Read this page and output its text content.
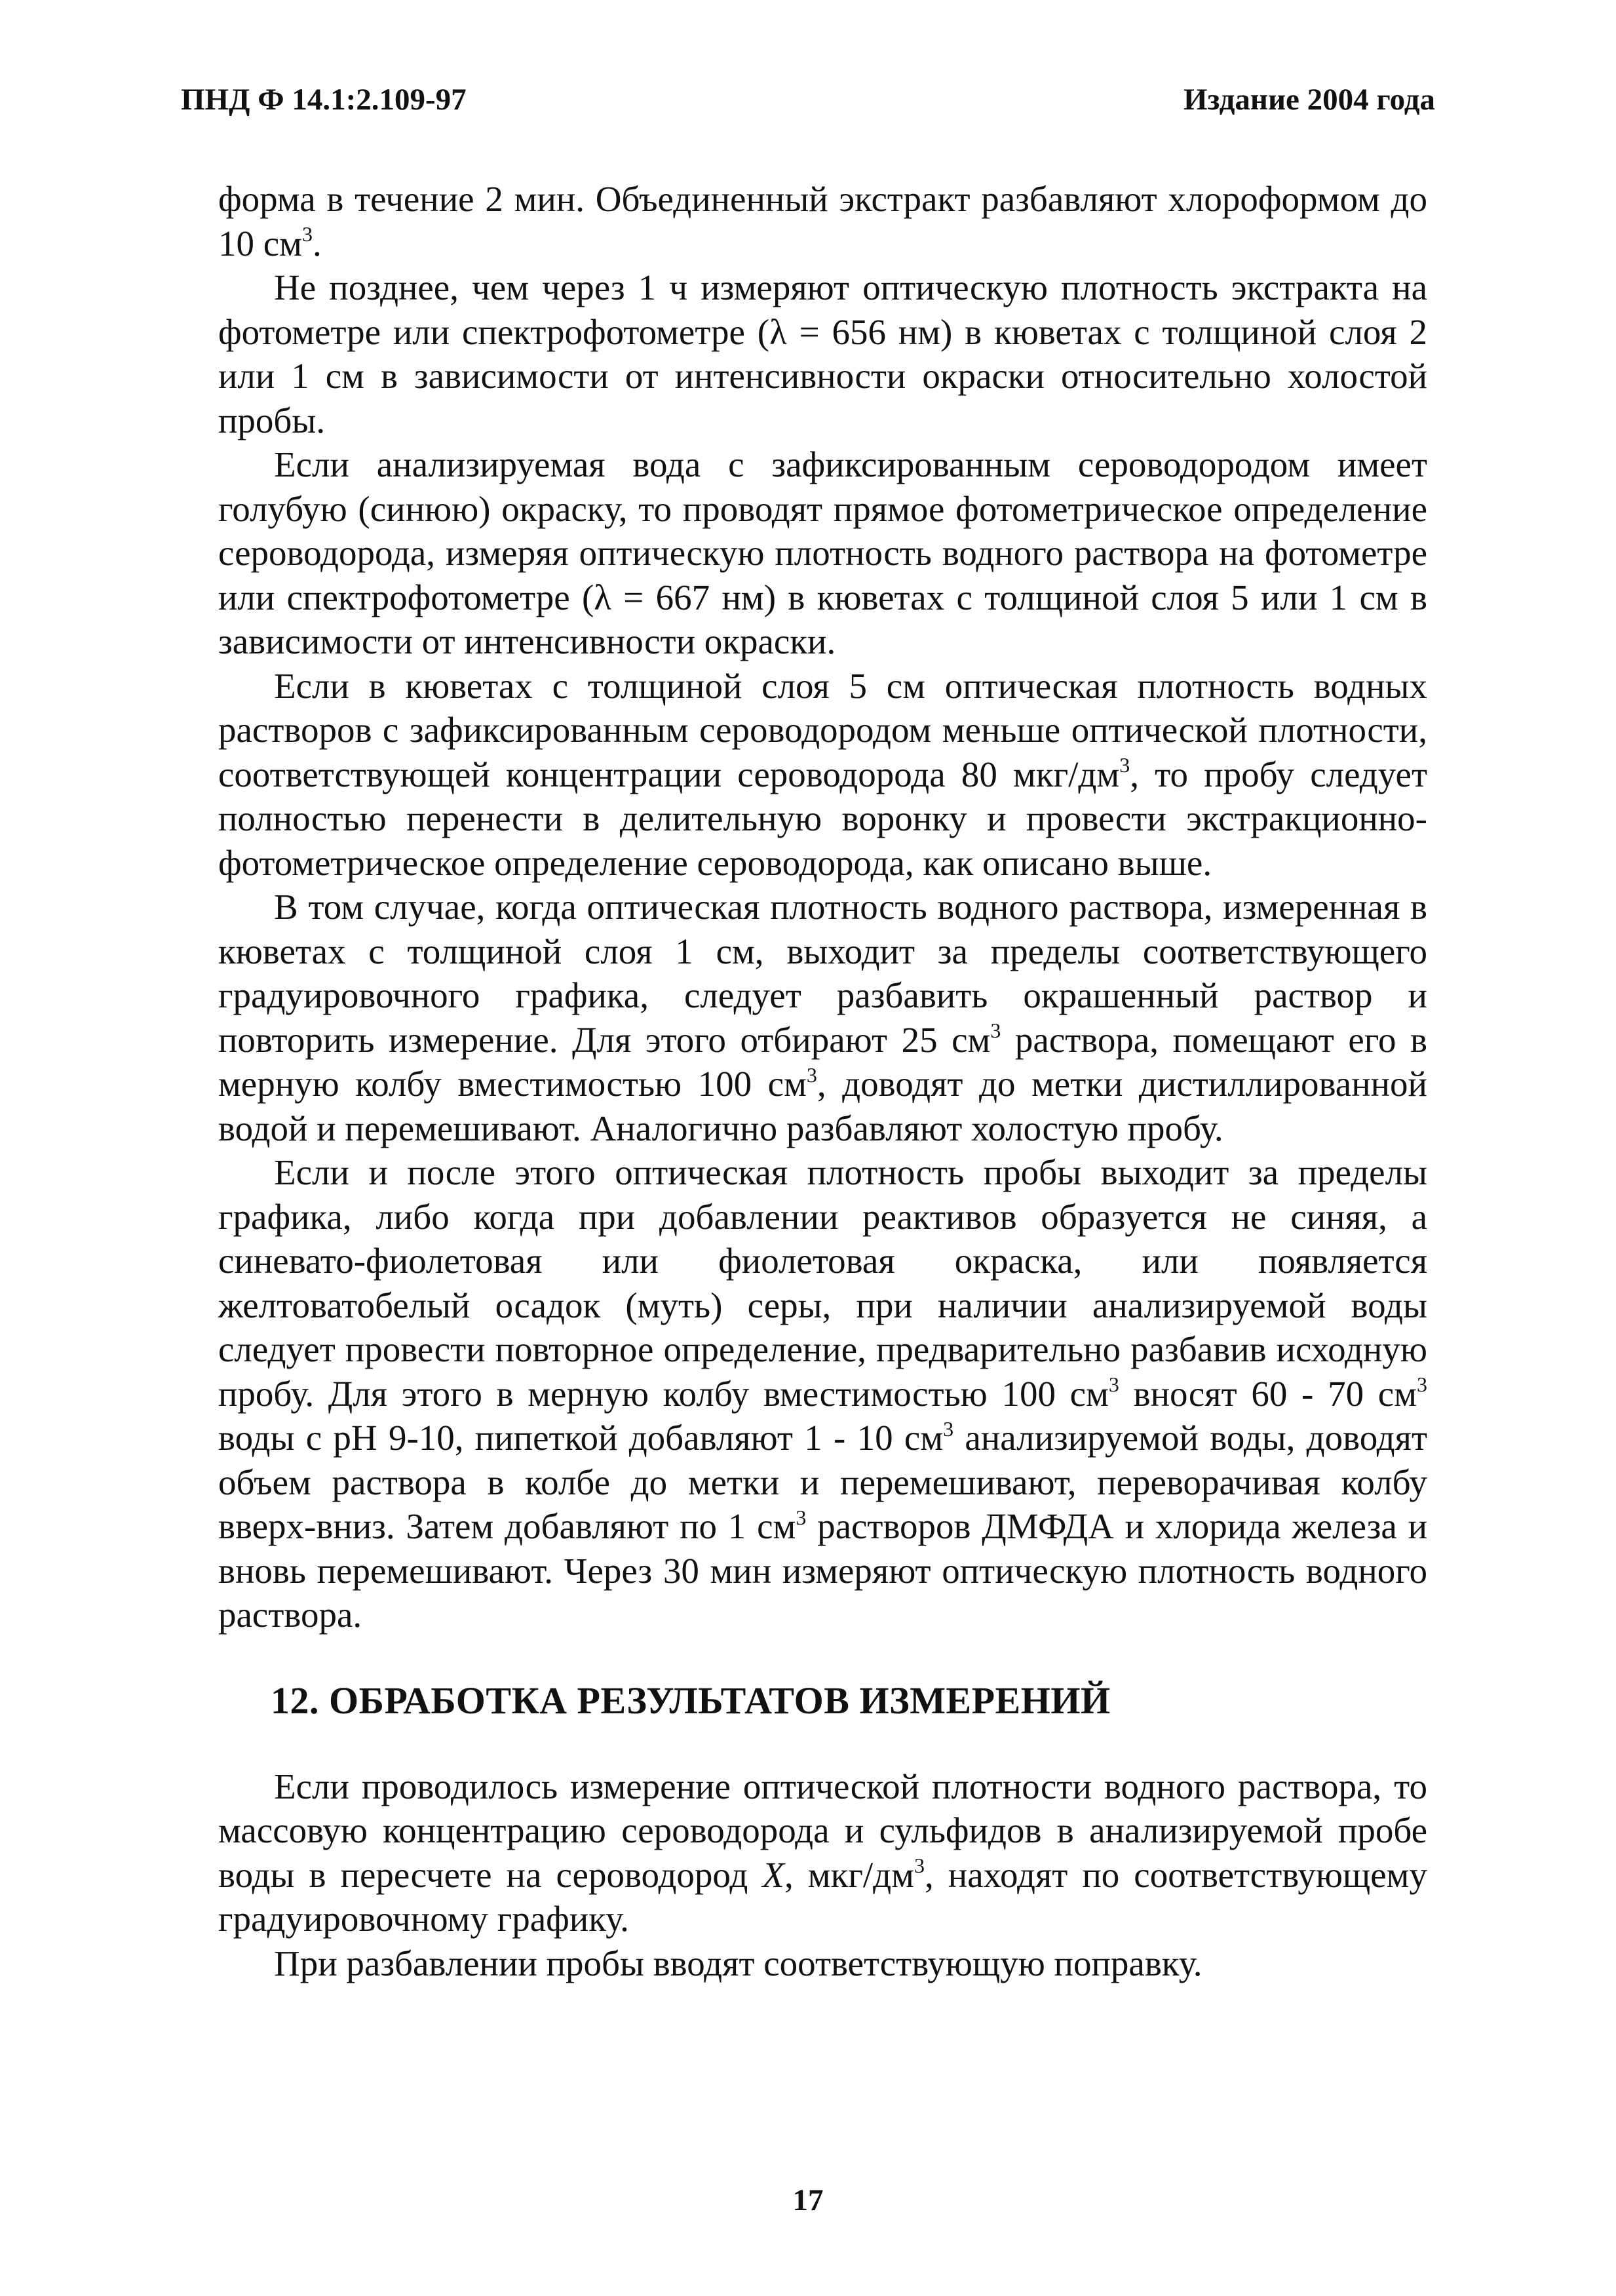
ПНД Ф 14.1:2.109-97	Издание 2004 года

форма в течение 2 мин. Объединенный экстракт разбавляют хлороформом до 10 $см^3$.

Не позднее, чем через 1 ч измеряют оптическую плотность экстракта на фотометре или спектрофотометре (λ = 656 нм) в кюветах с толщиной слоя 2 или 1 см в зависимости от интенсивности окраски относительно холостой пробы.

Если анализируемая вода с зафиксированным сероводородом имеет голубую (синюю) окраску, то проводят прямое фотометрическое определение сероводорода, измеряя оптическую плотность водного раствора на фотометре или спектрофотометре (λ = 667 нм) в кюветах с толщиной слоя 5 или 1 см в зависимости от интенсивности окраски.

Если в кюветах с толщиной слоя 5 см оптическая плотность водных растворов с зафиксированным сероводородом меньше оптической плотности, соответствующей концентрации сероводорода 80 мкг/$дм^3$, то пробу следует полностью перенести в делительную воронку и провести экстракционно-фотометрическое определение сероводорода, как описано выше.

В том случае, когда оптическая плотность водного раствора, измеренная в кюветах с толщиной слоя 1 см, выходит за пределы соответствующего градуировочного графика, следует разбавить окрашенный раствор и повторить измерение. Для этого отбирают 25 $см^3$ раствора, помещают его в мерную колбу вместимостью 100 $см^3$, доводят до метки дистиллированной водой и перемешивают. Аналогично разбавляют холостую пробу.

Если и после этого оптическая плотность пробы выходит за пределы графика, либо когда при добавлении реактивов образуется не синяя, а синевато-фиолетовая или фиолетовая окраска, или появляется желтоватобелый осадок (муть) серы, при наличии анализируемой воды следует провести повторное определение, предварительно разбавив исходную пробу. Для этого в мерную колбу вместимостью 100 $см^3$ вносят 60 - 70 $см^3$ воды с pH 9-10, пипеткой добавляют 1 - 10 $см^3$ анализируемой воды, доводят объем раствора в колбе до метки и перемешивают, переворачивая колбу вверх-вниз. Затем добавляют по 1 $см^3$ растворов ДМФДА и хлорида железа и вновь перемешивают. Через 30 мин измеряют оптическую плотность водного раствора.

12. ОБРАБОТКА РЕЗУЛЬТАТОВ ИЗМЕРЕНИЙ

Если проводилось измерение оптической плотности водного раствора, то массовую концентрацию сероводорода и сульфидов в анализируемой пробе воды в пересчете на сероводород X, мкг/$дм^3$, находят по соответствующему градуировочному графику.

При разбавлении пробы вводят соответствующую поправку.

17
